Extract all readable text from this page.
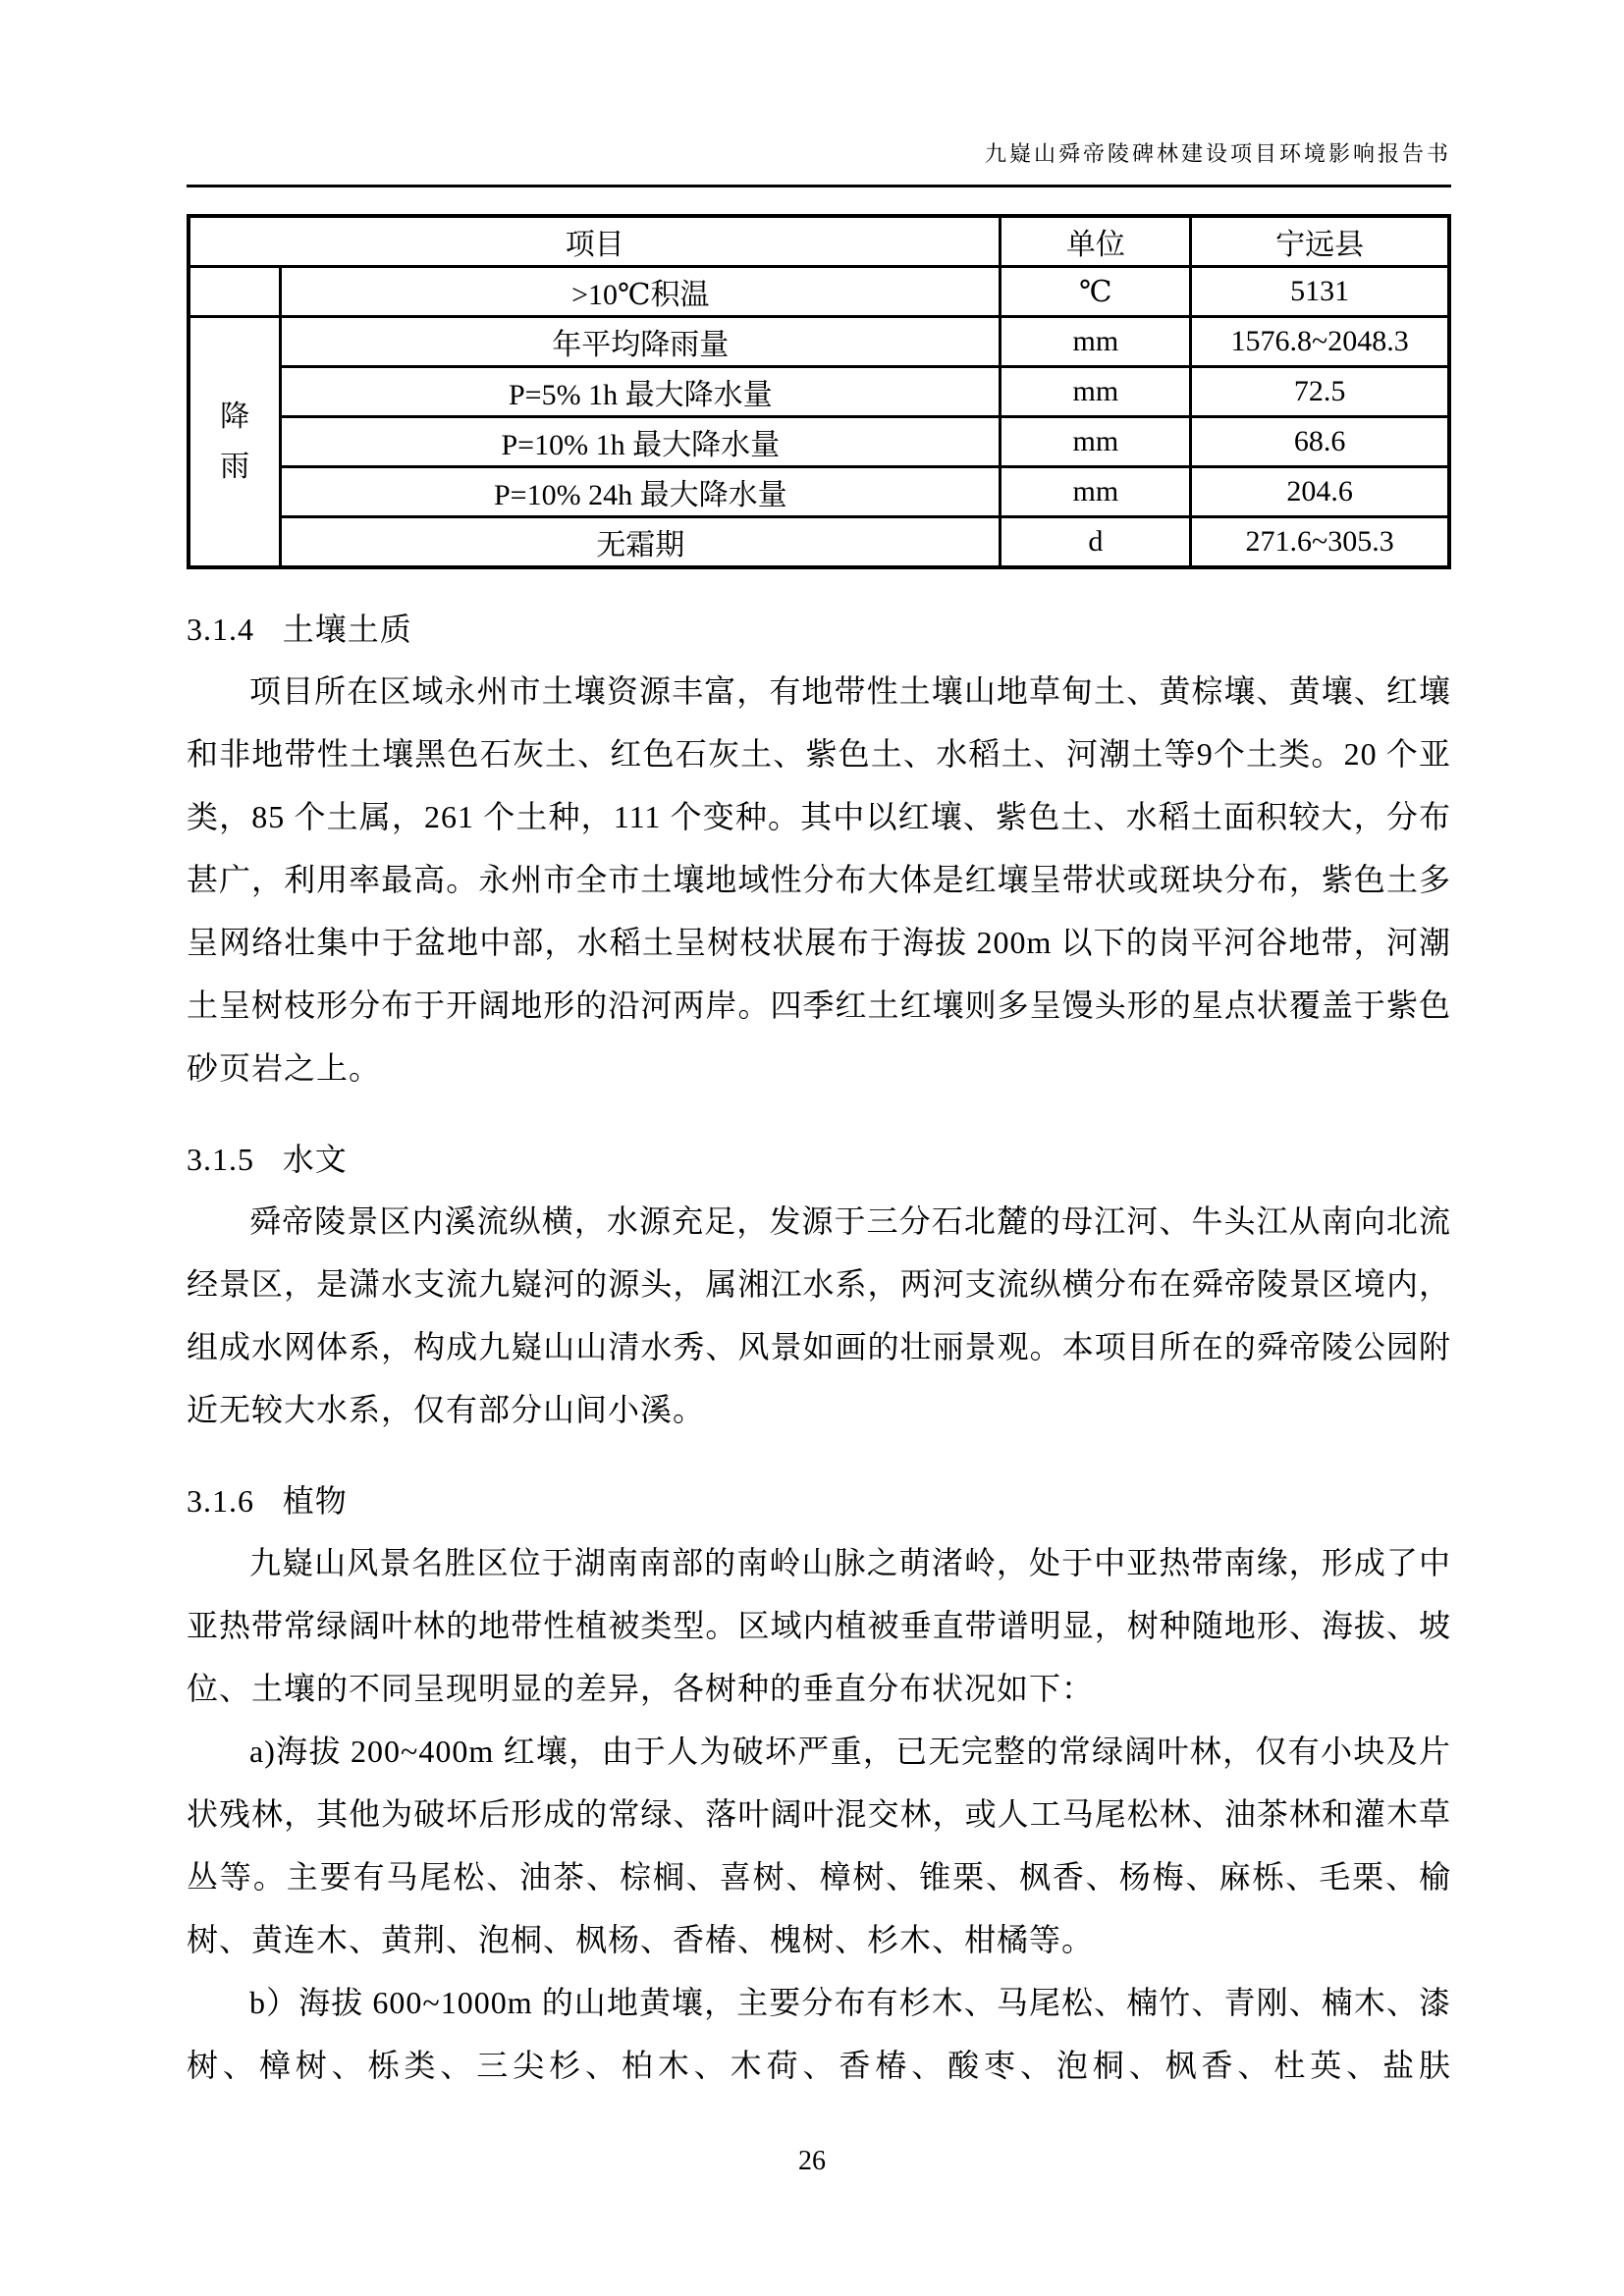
九嶷山舜帝陵碑林建设项目环境影响报告书
项目		单位	宁远县
	>10℃积温	℃	5131
降雨	年平均降雨量	mm	1576.8~2048.3
	P=5% 1h 最大降水量	mm	72.5
	P=10% 1h 最大降水量	mm	68.6
	P=10% 24h 最大降水量	mm	204.6
	无霜期	d	271.6~305.3
3.1.4 土壤土质

项目所在区域永州市土壤资源丰富，有地带性土壤山地草甸土、黄棕壤、黄壤、红壤和非地带性土壤黑色石灰土、红色石灰土、紫色土、水稻土、河潮土等9个土类。20 个亚类，85 个土属，261 个土种，111 个变种。其中以红壤、紫色土、水稻土面积较大，分布甚广，利用率最高。永州市全市土壤地域性分布大体是红壤呈带状或斑块分布，紫色土多呈网络壮集中于盆地中部，水稻土呈树枝状展布于海拔 200m 以下的岗平河谷地带，河潮土呈树枝形分布于开阔地形的沿河两岸。四季红土红壤则多呈馒头形的星点状覆盖于紫色砂页岩之上。

3.1.5 水文

舜帝陵景区内溪流纵横，水源充足，发源于三分石北麓的母江河、牛头江从南向北流经景区，是潇水支流九嶷河的源头，属湘江水系，两河支流纵横分布在舜帝陵景区境内，组成水网体系，构成九嶷山山清水秀、风景如画的壮丽景观。本项目所在的舜帝陵公园附近无较大水系，仅有部分山间小溪。

3.1.6 植物

九嶷山风景名胜区位于湖南南部的南岭山脉之萌渚岭，处于中亚热带南缘，形成了中亚热带常绿阔叶林的地带性植被类型。区域内植被垂直带谱明显，树种随地形、海拔、坡位、土壤的不同呈现明显的差异，各树种的垂直分布状况如下：

a)海拔 200~400m 红壤，由于人为破坏严重，已无完整的常绿阔叶林，仅有小块及片状残林，其他为破坏后形成的常绿、落叶阔叶混交林，或人工马尾松林、油茶林和灌木草丛等。主要有马尾松、油茶、棕榈、喜树、樟树、锥栗、枫香、杨梅、麻栎、毛栗、榆树、黄连木、黄荆、泡桐、枫杨、香椿、槐树、杉木、柑橘等。

b）海拔 600~1000m 的山地黄壤，主要分布有杉木、马尾松、楠竹、青刚、楠木、漆树、樟树、栎类、三尖杉、柏木、木荷、香椿、酸枣、泡桐、枫香、杜英、盐肤

26
